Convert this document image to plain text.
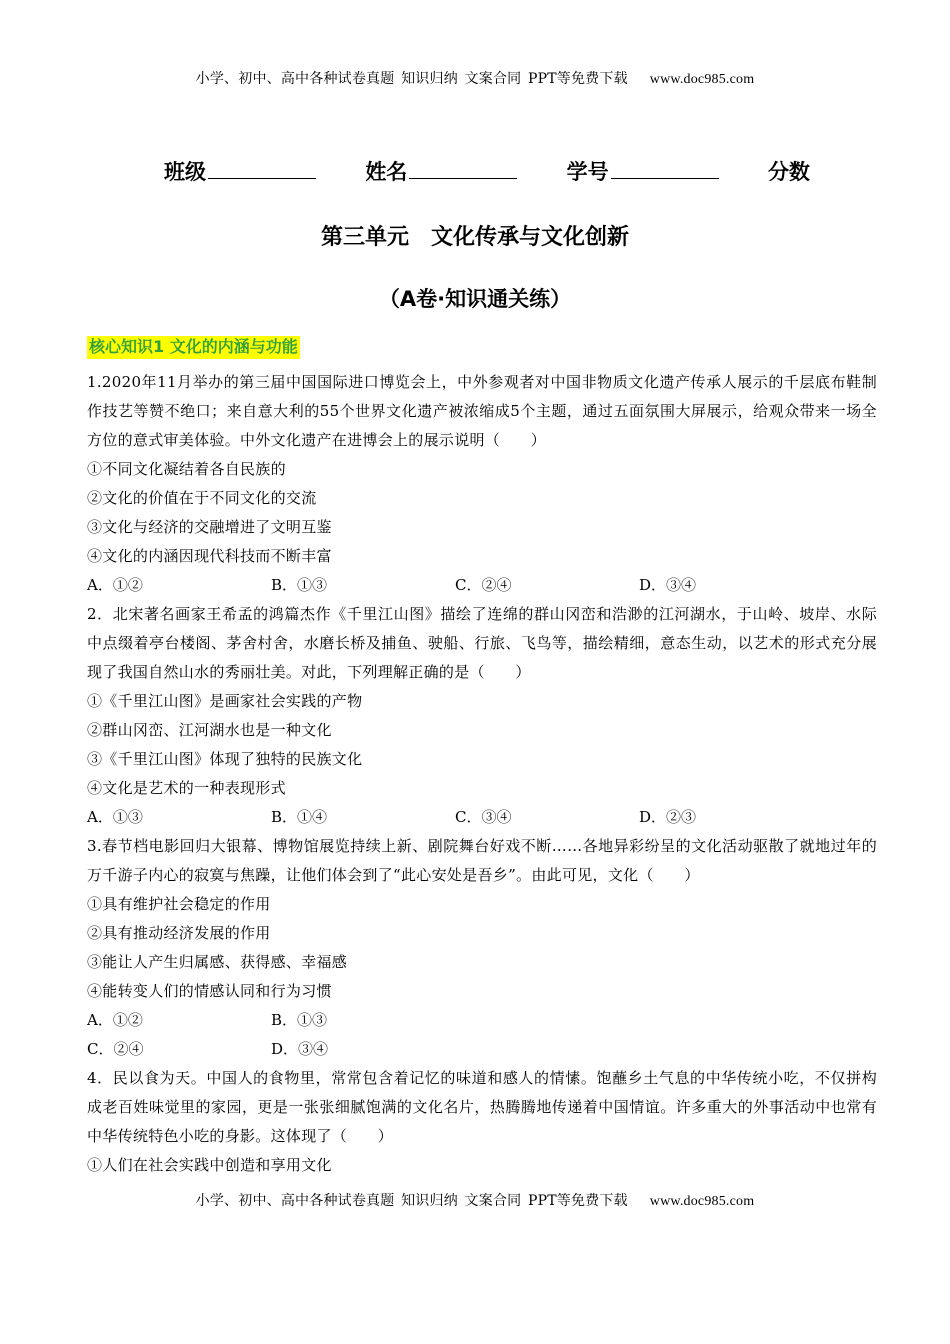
小学、初中、高中各种试卷真题 知识归纳 文案合同 PPT等免费下载 www.doc985.com
班级	姓名	学号	分数
第三单元　文化传承与文化创新
（A卷·知识通关练）
核心知识1 文化的内涵与功能

1.2020年11月举办的第三届中国国际进口博览会上，中外参观者对中国非物质文化遗产传承人展示的千层底布鞋制作技艺等赞不绝口；来自意大利的55个世界文化遗产被浓缩成5个主题，通过五面氛围大屏展示，给观众带来一场全方位的意式审美体验。中外文化遗产在进博会上的展示说明（　　）

①不同文化凝结着各自民族的

②文化的价值在于不同文化的交流

③文化与经济的交融增进了文明互鉴

④文化的内涵因现代科技而不断丰富

A．①②	B．①③	C．②④	D．③④

2．北宋著名画家王希孟的鸿篇杰作《千里江山图》描绘了连绵的群山冈峦和浩渺的江河湖水，于山岭、坡岸、水际中点缀着亭台楼阁、茅舍村舍，水磨长桥及捕鱼、驶船、行旅、飞鸟等，描绘精细，意态生动，以艺术的形式充分展现了我国自然山水的秀丽壮美。对此，下列理解正确的是（　　）

①《千里江山图》是画家社会实践的产物

②群山冈峦、江河湖水也是一种文化

③《千里江山图》体现了独特的民族文化

④文化是艺术的一种表现形式

A．①③	B．①④	C．③④	D．②③

3.春节档电影回归大银幕、博物馆展览持续上新、剧院舞台好戏不断……各地异彩纷呈的文化活动驱散了就地过年的万千游子内心的寂寞与焦躁，让他们体会到了“此心安处是吾乡”。由此可见，文化（　　）

①具有维护社会稳定的作用

②具有推动经济发展的作用

③能让人产生归属感、获得感、幸福感

④能转变人们的情感认同和行为习惯

A．①②	B．①③
C．②④	D．③④

4．民以食为天。中国人的食物里，常常包含着记忆的味道和感人的情愫。饱蘸乡土气息的中华传统小吃，不仅拼构成老百姓味觉里的家园，更是一张张细腻饱满的文化名片，热腾腾地传递着中国情谊。许多重大的外事活动中也常有中华传统特色小吃的身影。这体现了（　　）

①人们在社会实践中创造和享用文化

小学、初中、高中各种试卷真题 知识归纳 文案合同 PPT等免费下载 www.doc985.com
